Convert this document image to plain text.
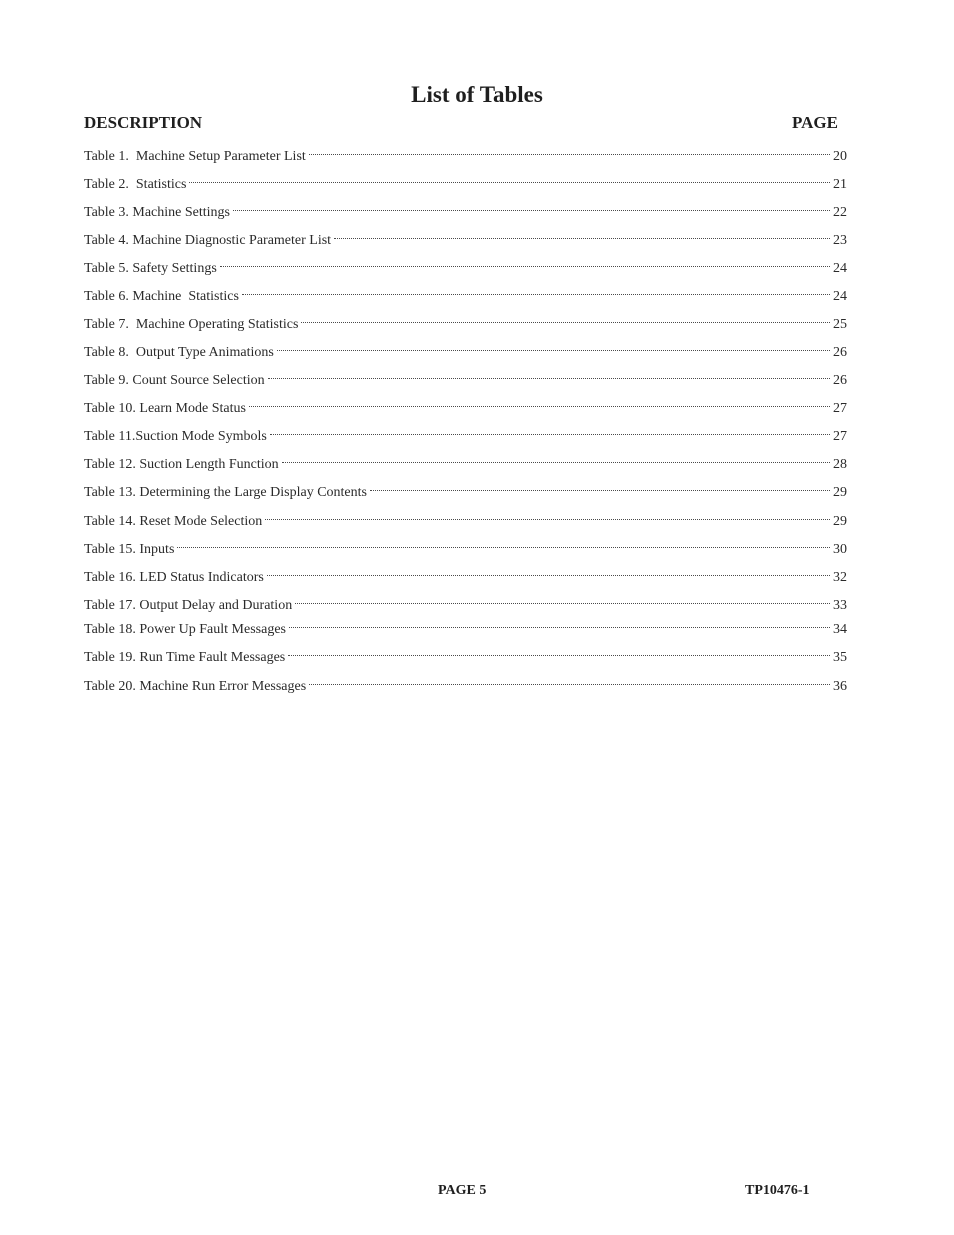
List of Tables
DESCRIPTION	PAGE
Table 1.  Machine Setup Parameter List	20
Table 2.  Statistics	21
Table 3. Machine Settings	22
Table 4. Machine Diagnostic Parameter List	23
Table 5. Safety Settings	24
Table 6. Machine  Statistics	24
Table 7.  Machine Operating Statistics	25
Table 8.  Output Type Animations	26
Table 9. Count Source Selection	26
Table 10. Learn Mode Status	27
Table 11.Suction Mode Symbols	27
Table 12. Suction Length Function	28
Table 13. Determining the Large Display Contents	29
Table 14. Reset Mode Selection	29
Table 15. Inputs	30
Table 16. LED Status Indicators	32
Table 17. Output Delay and Duration	33
Table 18. Power Up Fault Messages	34
Table 19. Run Time Fault Messages	35
Table 20. Machine Run Error Messages	36
PAGE 5	TP10476-1
